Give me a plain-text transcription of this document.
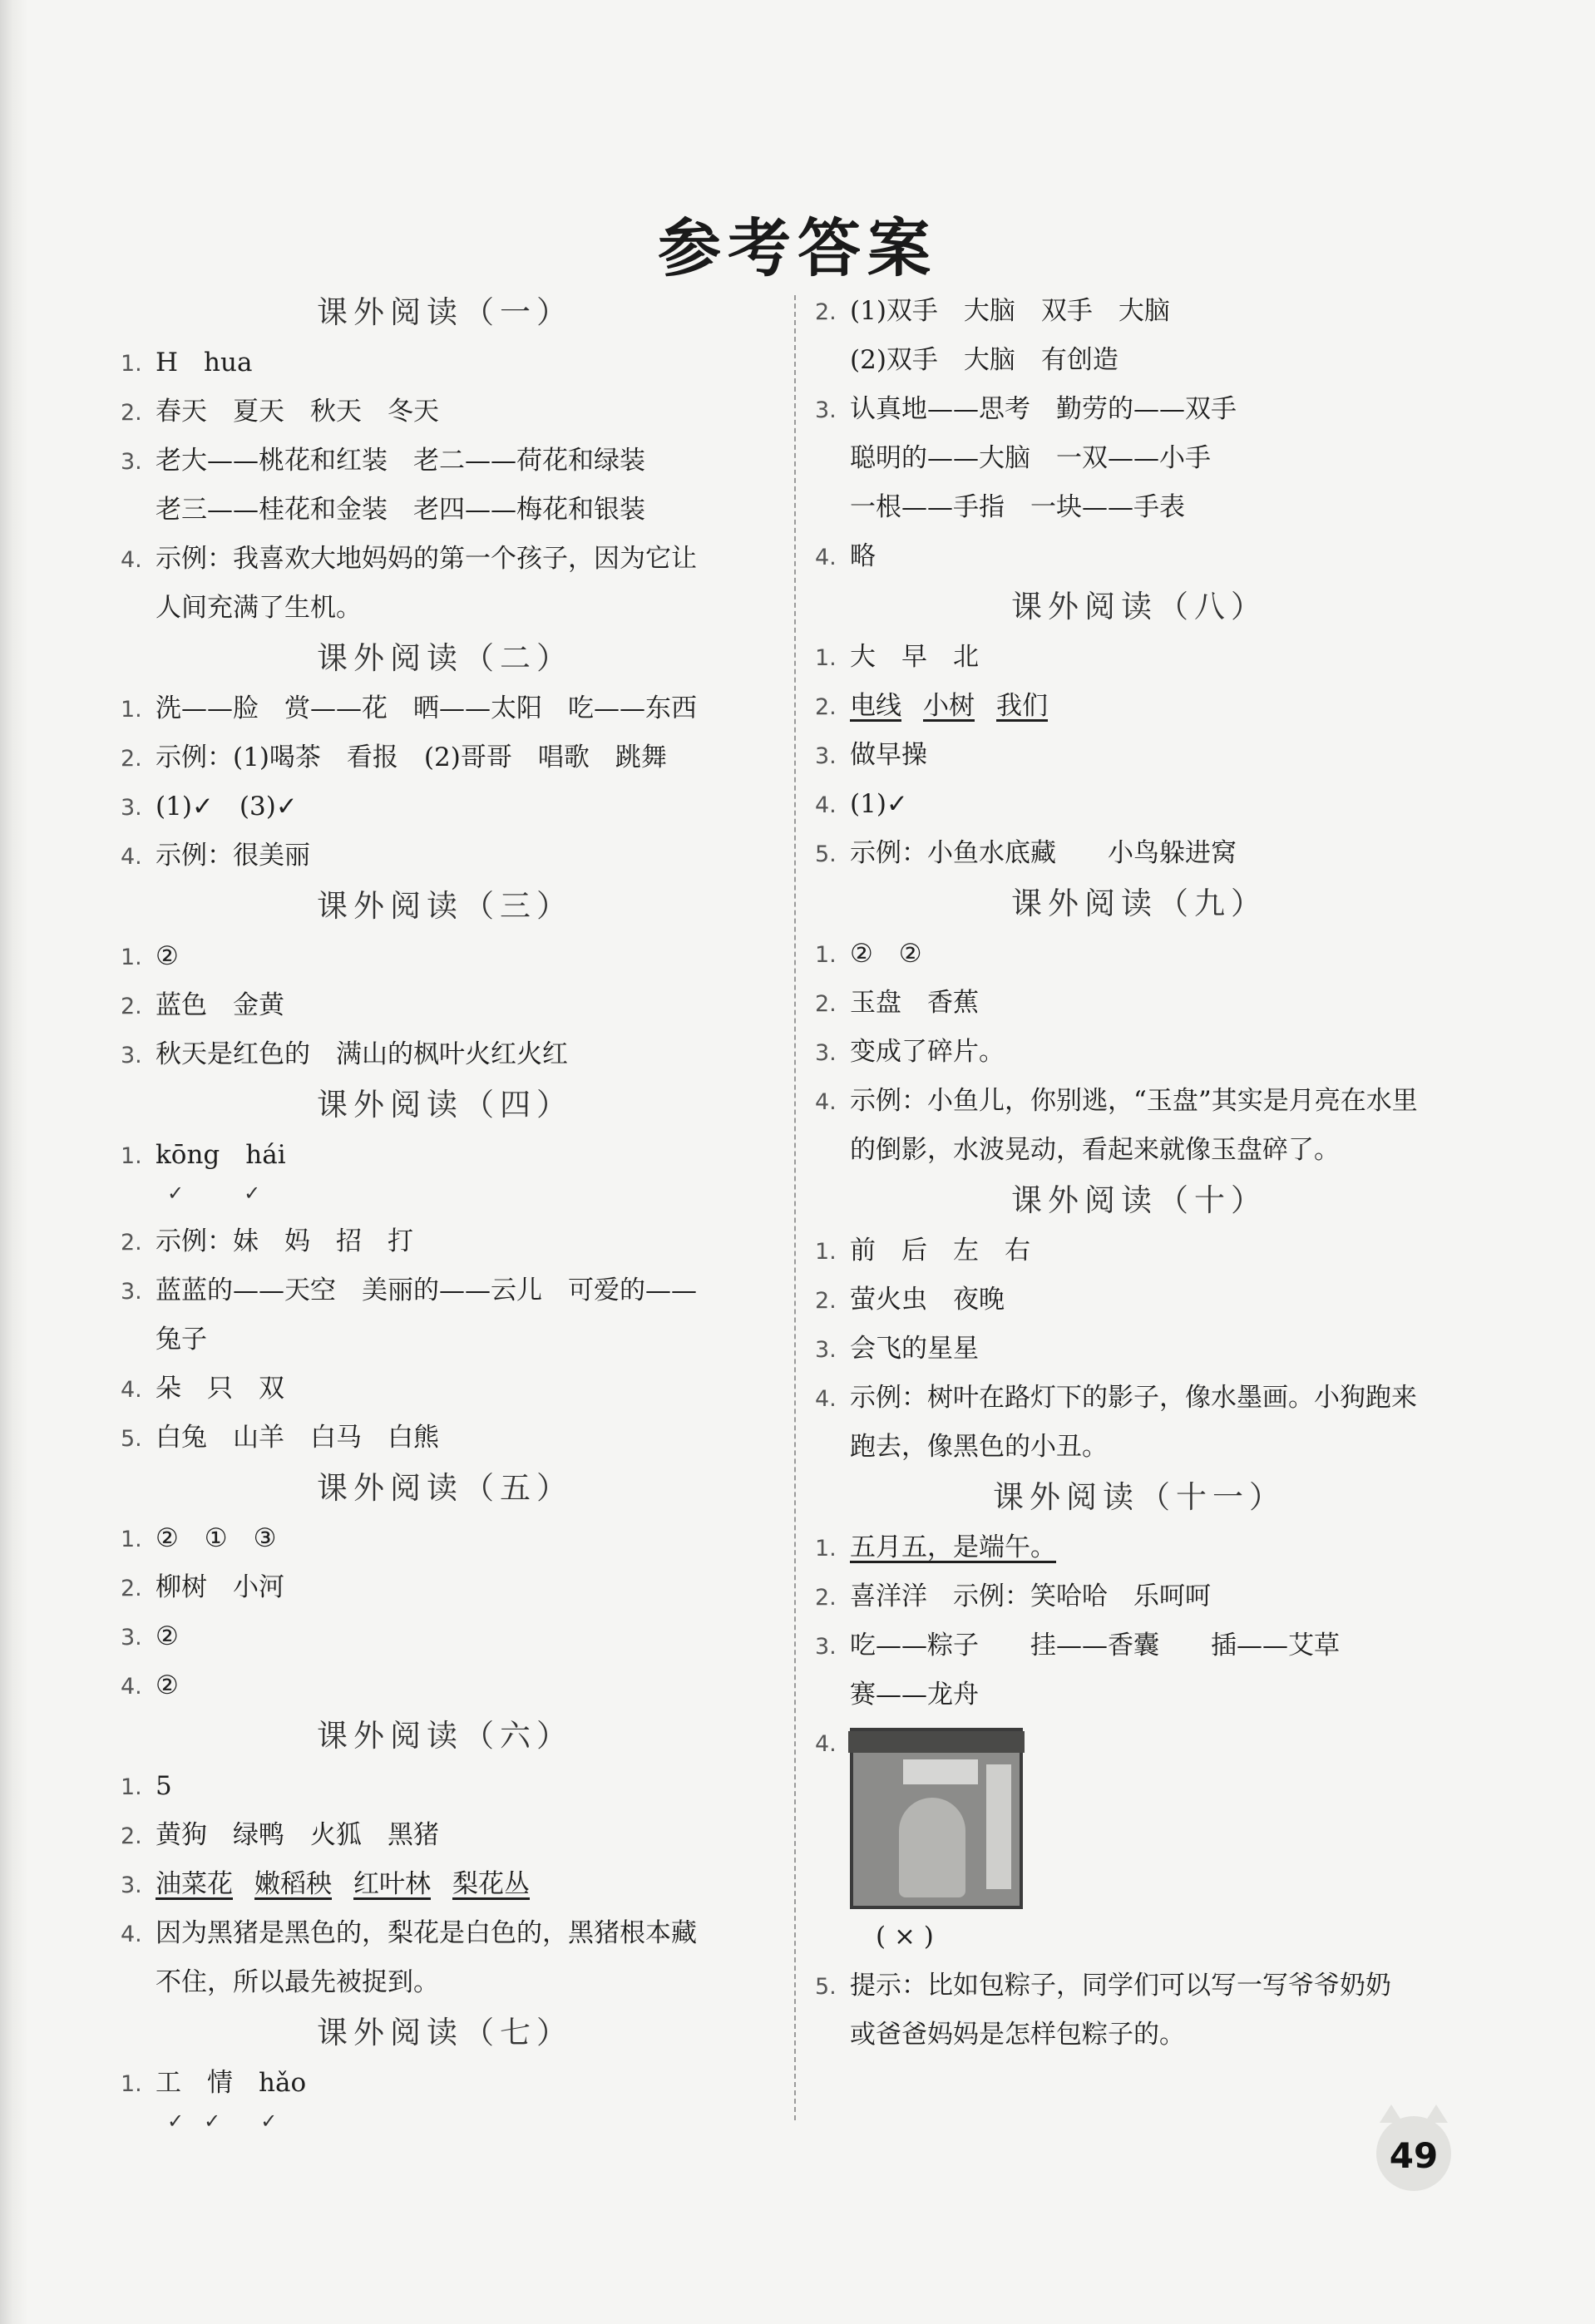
参考答案
课外阅读（一）
1. H　hua
2. 春天　夏天　秋天　冬天
3. 老大——桃花和红装　老二——荷花和绿装
老三——桂花和金装　老四——梅花和银装
4. 示例：我喜欢大地妈妈的第一个孩子，因为它让
人间充满了生机。
课外阅读（二）
1. 洗——脸　赏——花　晒——太阳　吃——东西
2. 示例：(1)喝茶　看报　(2)哥哥　唱歌　跳舞
3. (1)✓　(3)✓
4. 示例：很美丽
课外阅读（三）
1. ②
2. 蓝色　金黄
3. 秋天是红色的　满山的枫叶火红火红
课外阅读（四）
1. kōng　hái
✓　　　✓
2. 示例：妹　妈　招　打
3. 蓝蓝的——天空　美丽的——云儿　可爱的——
兔子
4. 朵　只　双
5. 白兔　山羊　白马　白熊
课外阅读（五）
1. ②　①　③
2. 柳树　小河
3. ②
4. ②
课外阅读（六）
1. 5
2. 黄狗　绿鸭　火狐　黑猪
3. 油菜花 嫩稻秧 红叶林 梨花丛
4. 因为黑猪是黑色的，梨花是白色的，黑猪根本藏
不住，所以最先被捉到。
课外阅读（七）
1. 工　情　hǎo
✓　✓　　✓
2. (1)双手　大脑　双手　大脑
(2)双手　大脑　有创造
3. 认真地——思考　勤劳的——双手
聪明的——大脑　一双——小手
一根——手指　一块——手表
4. 略
课外阅读（八）
1. 大　早　北
2. 电线 小树 我们
3. 做早操
4. (1)✓
5. 示例：小鱼水底藏　　小鸟躲进窝
课外阅读（九）
1. ②　②
2. 玉盘　香蕉
3. 变成了碎片。
4. 示例：小鱼儿，你别逃，“玉盘”其实是月亮在水里
的倒影，水波晃动，看起来就像玉盘碎了。
课外阅读（十）
1. 前　后　左　右
2. 萤火虫　夜晚
3. 会飞的星星
4. 示例：树叶在路灯下的影子，像水墨画。小狗跑来
跑去，像黑色的小丑。
课外阅读（十一）
1. 五月五，是端午。
2. 喜洋洋　示例：笑哈哈　乐呵呵
3. 吃——粽子　　挂——香囊　　插——艾草
赛——龙舟
4.
　( × )
5. 提示：比如包粽子，同学们可以写一写爷爷奶奶
或爸爸妈妈是怎样包粽子的。
49
